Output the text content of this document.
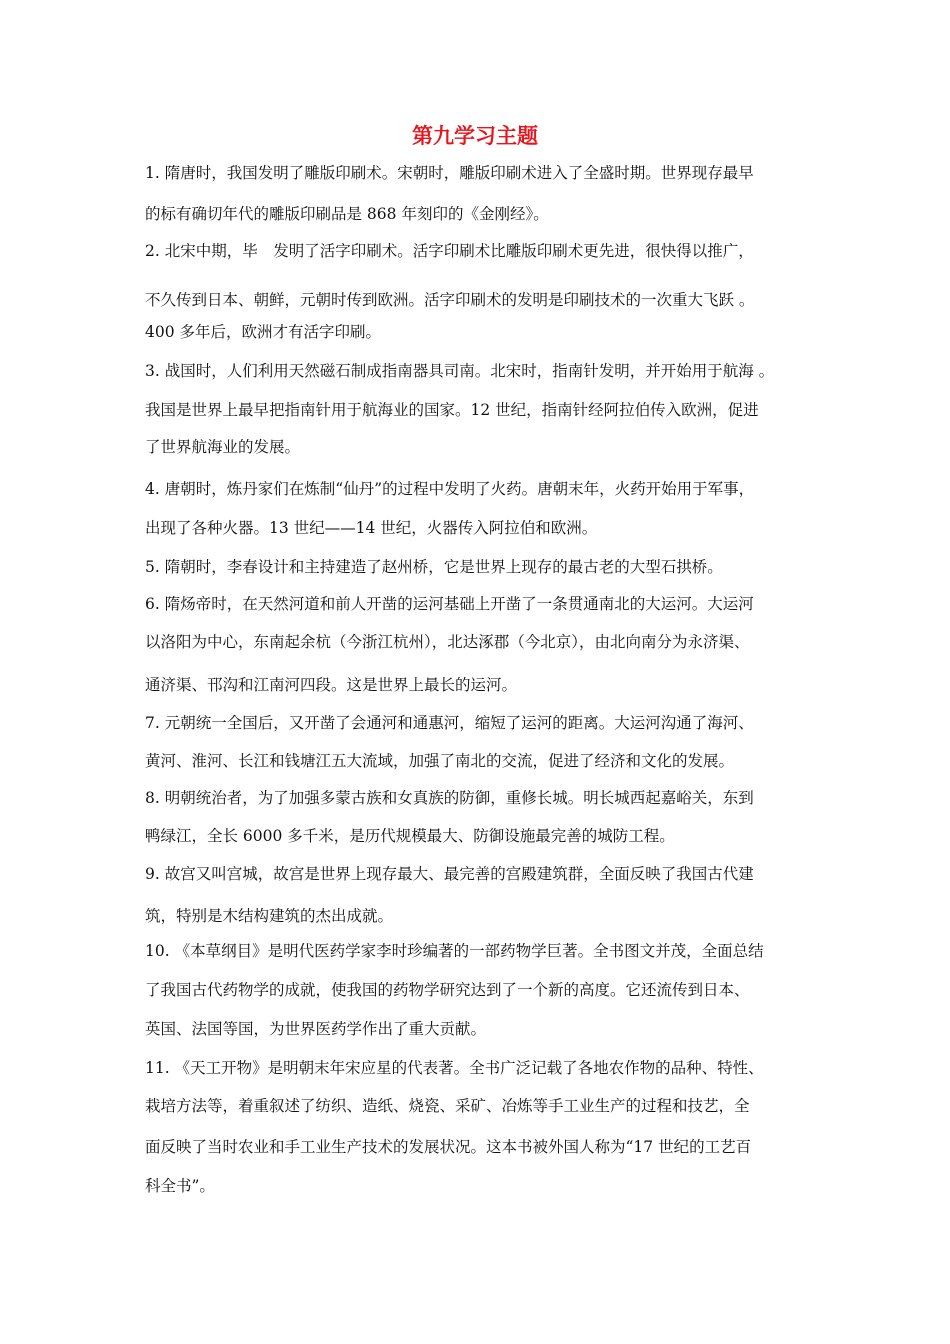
第九学习主题
1. 隋唐时，我国发明了雕版印刷术。宋朝时，雕版印刷术进入了全盛时期。世界现存最早
的标有确切年代的雕版印刷品是 868 年刻印的《金刚经》。
2. 北宋中期，毕　发明了活字印刷术。活字印刷术比雕版印刷术更先进，很快得以推广，
不久传到日本、朝鲜，元朝时传到欧洲。活字印刷术的发明是印刷技术的一次重大飞跃 。
400 多年后，欧洲才有活字印刷。
3. 战国时，人们利用天然磁石制成指南器具司南。北宋时，指南针发明，并开始用于航海 。
我国是世界上最早把指南针用于航海业的国家。12 世纪，指南针经阿拉伯传入欧洲，促进
了世界航海业的发展。
4. 唐朝时，炼丹家们在炼制“仙丹”的过程中发明了火药。唐朝末年，火药开始用于军事，
出现了各种火器。13 世纪——14 世纪，火器传入阿拉伯和欧洲。
5. 隋朝时，李春设计和主持建造了赵州桥，它是世界上现存的最古老的大型石拱桥。
6. 隋炀帝时，在天然河道和前人开凿的运河基础上开凿了一条贯通南北的大运河。大运河
以洛阳为中心，东南起余杭（今浙江杭州），北达涿郡（今北京），由北向南分为永济渠、
通济渠、邗沟和江南河四段。这是世界上最长的运河。
7. 元朝统一全国后，又开凿了会通河和通惠河，缩短了运河的距离。大运河沟通了海河、
黄河、淮河、长江和钱塘江五大流域，加强了南北的交流，促进了经济和文化的发展。
8. 明朝统治者，为了加强多蒙古族和女真族的防御，重修长城。明长城西起嘉峪关，东到
鸭绿江，全长 6000 多千米，是历代规模最大、防御设施最完善的城防工程。
9. 故宫又叫宫城，故宫是世界上现存最大、最完善的宫殿建筑群，全面反映了我国古代建
筑，特别是木结构建筑的杰出成就。
10. 《本草纲目》是明代医药学家李时珍编著的一部药物学巨著。全书图文并茂，全面总结
了我国古代药物学的成就，使我国的药物学研究达到了一个新的高度。它还流传到日本、
英国、法国等国，为世界医药学作出了重大贡献。
11. 《天工开物》是明朝末年宋应星的代表著。全书广泛记载了各地农作物的品种、特性、
栽培方法等，着重叙述了纺织、造纸、烧瓷、采矿、冶炼等手工业生产的过程和技艺，全
面反映了当时农业和手工业生产技术的发展状况。这本书被外国人称为“17 世纪的工艺百
科全书”。
